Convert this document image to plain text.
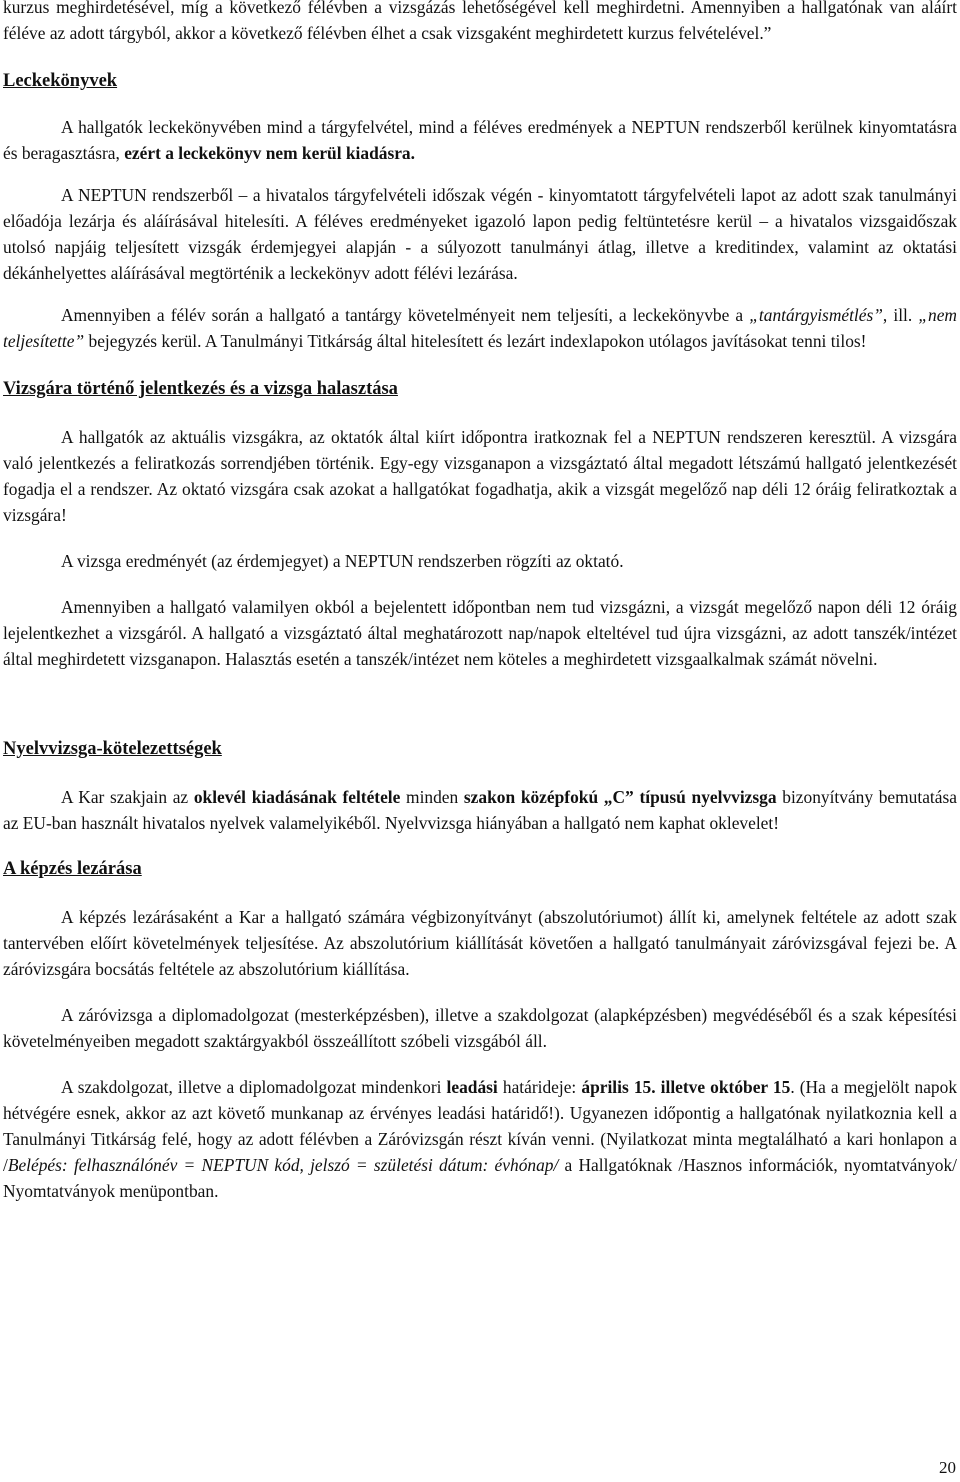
kurzus meghirdetésével, míg a következő félévben a vizsgázás lehetőségével kell meghirdetni. Amennyiben a hallgatónak van aláírt féléve az adott tárgyból, akkor a következő félévben élhet a csak vizsgaként meghirdetett kurzus felvételével.”

Leckekönyvek

A hallgatók leckekönyvében mind a tárgyfelvétel, mind a féléves eredmények a NEPTUN rendszerből kerülnek kinyomtatásra és beragasztásra, ezért a leckekönyv nem kerül kiadásra.

A NEPTUN rendszerből – a hivatalos tárgyfelvételi időszak végén - kinyomtatott tárgyfelvételi lapot az adott szak tanulmányi előadója lezárja és aláírásával hitelesíti. A féléves eredményeket igazoló lapon pedig feltüntetésre kerül – a hivatalos vizsgaidőszak utolsó napjáig teljesített vizsgák érdemjegyei alapján - a súlyozott tanulmányi átlag, illetve a kreditindex, valamint az oktatási dékánhelyettes aláírásával megtörténik a leckekönyv adott félévi lezárása.

Amennyiben a félév során a hallgató a tantárgy követelményeit nem teljesíti, a leckekönyvbe a „tantárgyismétlés”, ill. „nem teljesítette” bejegyzés kerül. A Tanulmányi Titkárság által hitelesített és lezárt indexlapokon utólagos javításokat tenni tilos!

Vizsgára történő jelentkezés és a vizsga halasztása

A hallgatók az aktuális vizsgákra, az oktatók által kiírt időpontra iratkoznak fel a NEPTUN rendszeren keresztül. A vizsgára való jelentkezés a feliratkozás sorrendjében történik. Egy-egy vizsganapon a vizsgáztató által megadott létszámú hallgató jelentkezését fogadja el a rendszer. Az oktató vizsgára csak azokat a hallgatókat fogadhatja, akik a vizsgát megelőző nap déli 12 óráig feliratkoztak a vizsgára!

A vizsga eredményét (az érdemjegyet) a NEPTUN rendszerben rögzíti az oktató.

Amennyiben a hallgató valamilyen okból a bejelentett időpontban nem tud vizsgázni, a vizsgát megelőző napon déli 12 óráig lejelentkezhet a vizsgáról. A hallgató a vizsgáztató által meghatározott nap/napok elteltével tud újra vizsgázni, az adott tanszék/intézet által meghirdetett vizsganapon. Halasztás esetén a tanszék/intézet nem köteles a meghirdetett vizsgaalkalmak számát növelni.

Nyelvvizsga-kötelezettségek

A Kar szakjain az oklevél kiadásának feltétele minden szakon középfokú „C” típusú nyelvvizsga bizonyítvány bemutatása az EU-ban használt hivatalos nyelvek valamelyikéből. Nyelvvizsga hiányában a hallgató nem kaphat oklevelet!

A képzés lezárása

A képzés lezárásaként a Kar a hallgató számára végbizonyítványt (abszolutóriumot) állít ki, amelynek feltétele az adott szak tantervében előírt követelmények teljesítése. Az abszolutórium kiállítását követően a hallgató tanulmányait záróvizsgával fejezi be. A záróvizsgára bocsátás feltétele az abszolutórium kiállítása.

A záróvizsga a diplomadolgozat (mesterképzésben), illetve a szakdolgozat (alapképzésben) megvédéséből és a szak képesítési követelményeiben megadott szaktárgyakból összeállított szóbeli vizsgából áll.

A szakdolgozat, illetve a diplomadolgozat mindenkori leadási határideje: április 15. illetve október 15. (Ha a megjelölt napok hétvégére esnek, akkor az azt követő munkanap az érvényes leadási határidő!). Ugyanezen időpontig a hallgatónak nyilatkoznia kell a Tanulmányi Titkárság felé, hogy az adott félévben a Záróvizsgán részt kíván venni. (Nyilatkozat minta megtalálható a kari honlapon a /Belépés: felhasználónév = NEPTUN kód, jelszó = születési dátum: évhónap/ a Hallgatóknak /Hasznos információk, nyomtatványok/ Nyomtatványok menüpontban.

20
